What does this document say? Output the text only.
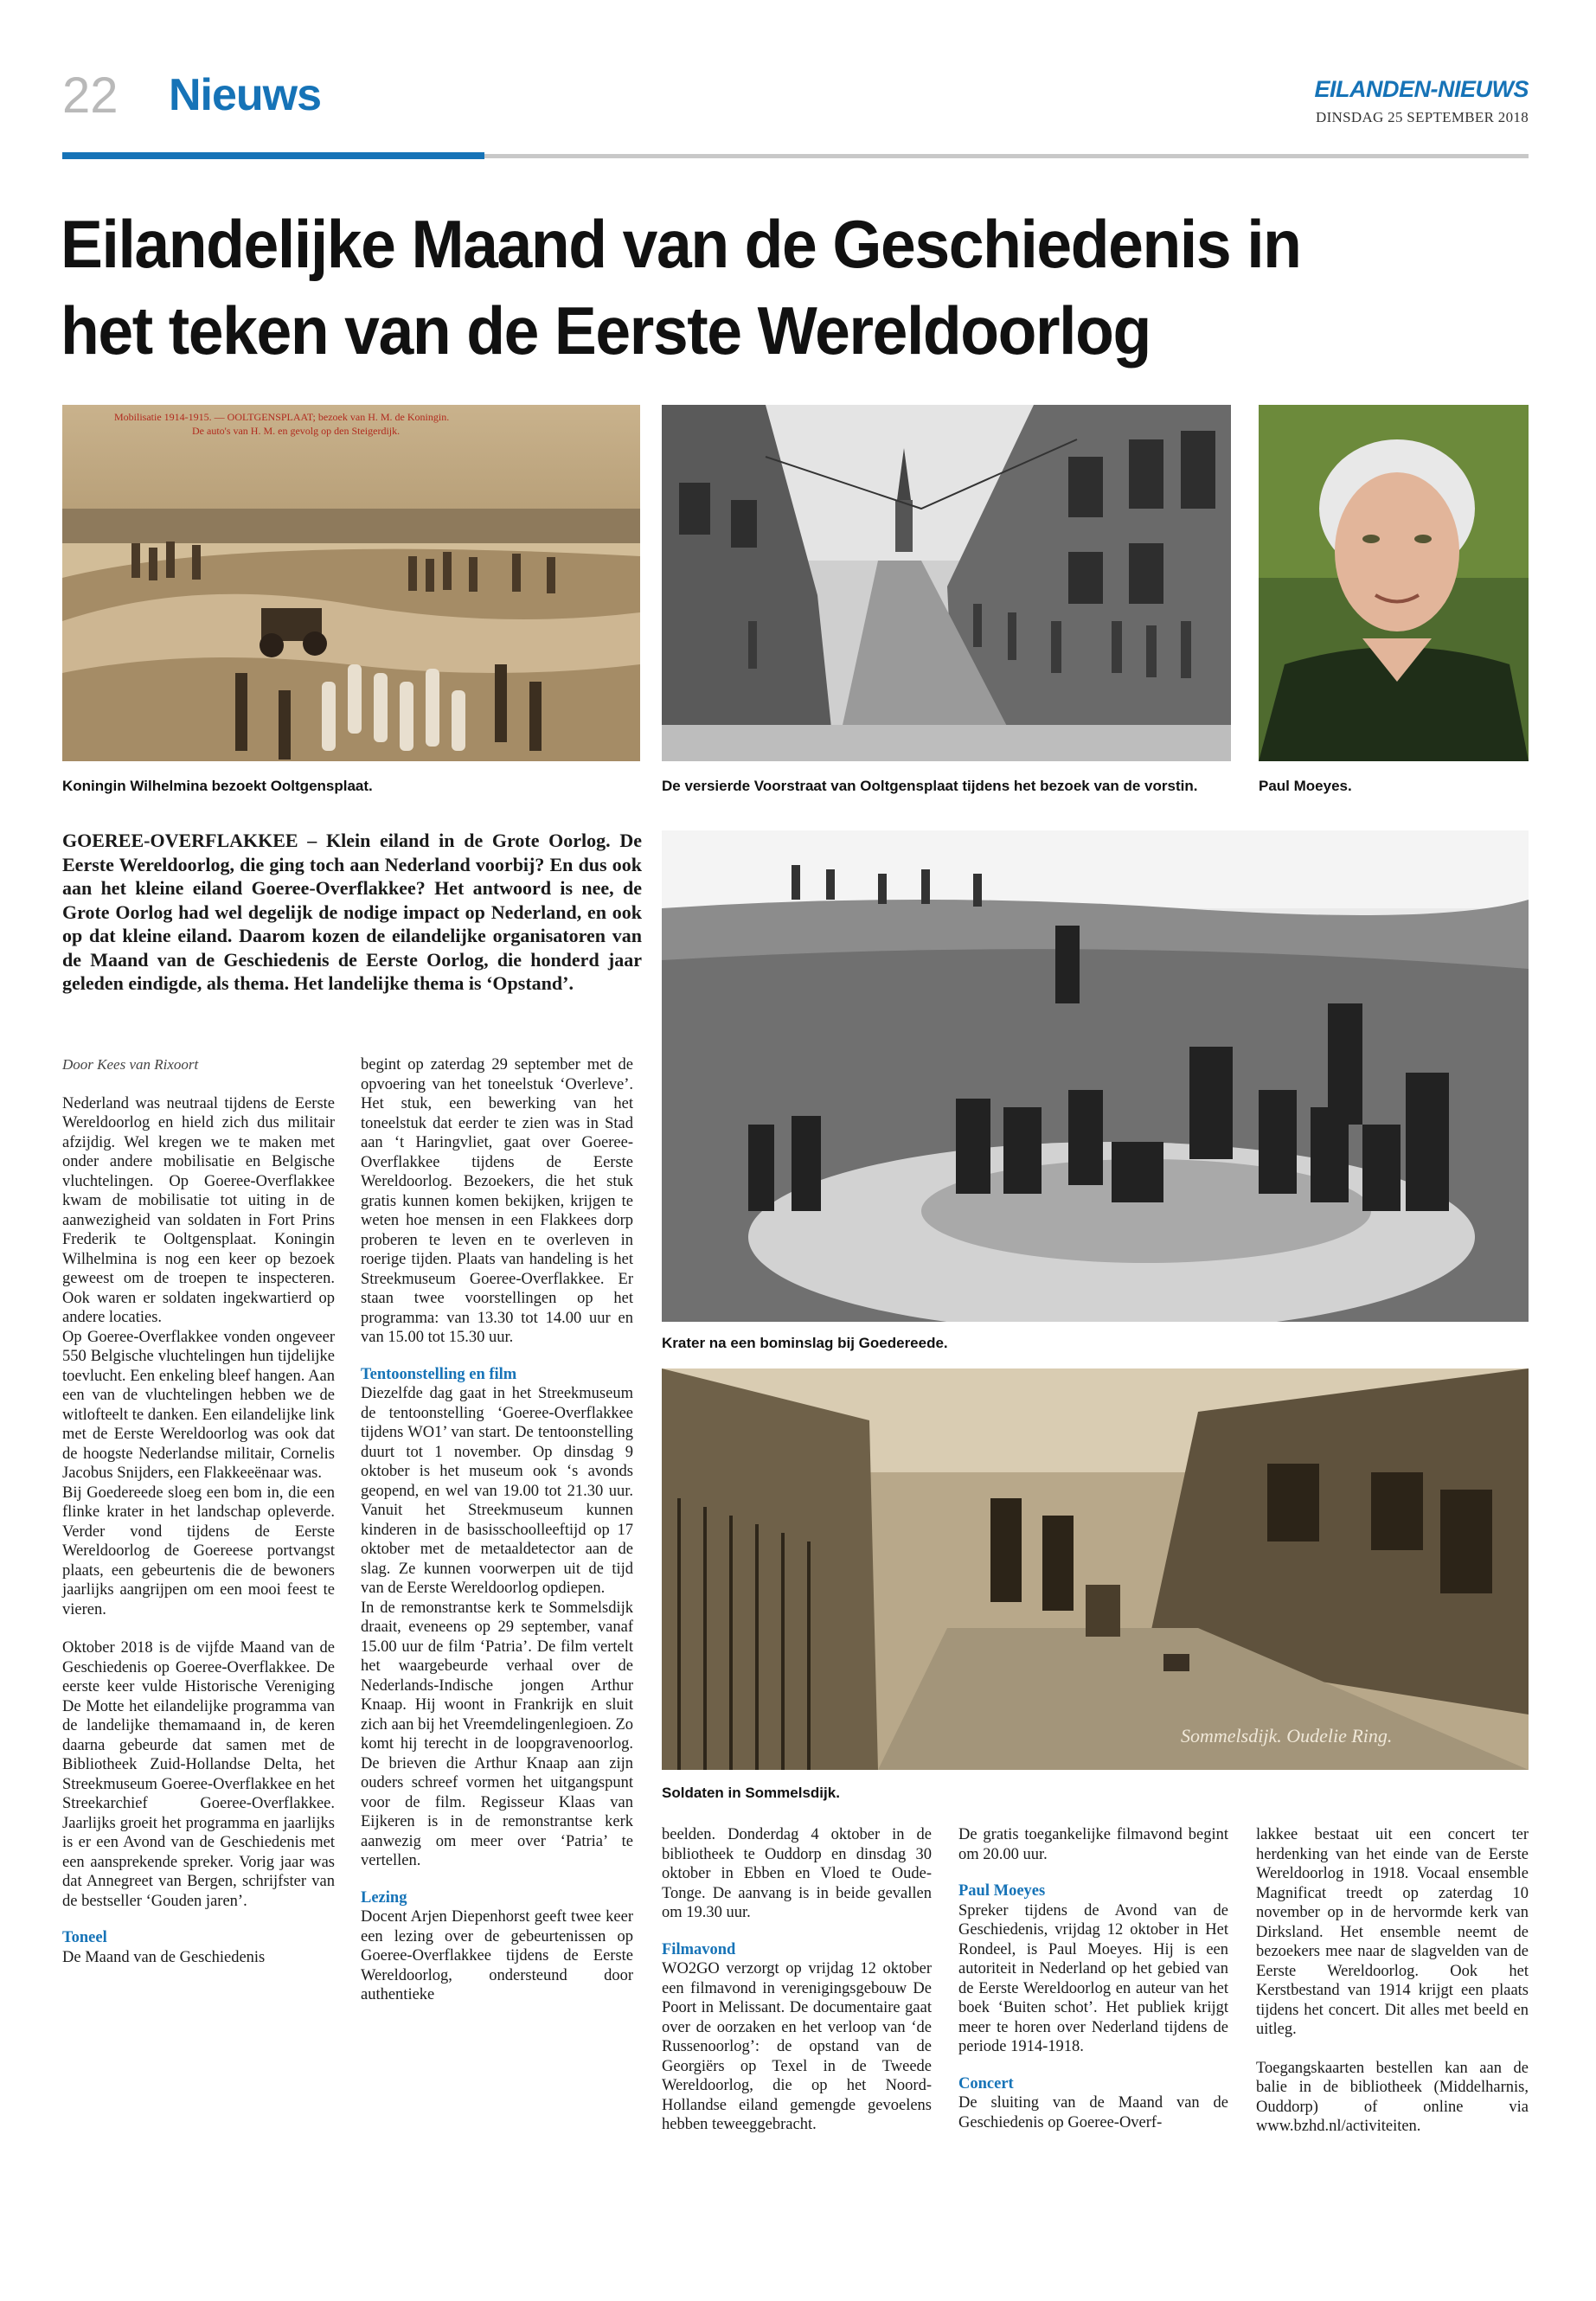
22 Nieuws	EILANDEN-NIEUWS
DINSDAG 25 SEPTEMBER 2018
Eilandelijke Maand van de Geschiedenis in
het teken van de Eerste Wereldoorlog
Mobilisatie 1914-1915. — OOLTGENSPLAAT; bezoek van H. M. de Koningin.
De auto's van H. M. en gevolg op den Steigerdijk.
Koningin Wilhelmina bezoekt Ooltgensplaat.	De versierde Voorstraat van Ooltgensplaat tijdens het bezoek van de vorstin.	Paul Moeyes.
GOEREE-OVERFLAKKEE – Klein eiland in de Grote Oorlog. De Eerste Wereldoorlog, die ging toch aan Nederland voorbij? En dus ook aan het kleine eiland Goeree-Overflakkee? Het antwoord is nee, de Grote Oorlog had wel degelijk de nodige impact op Nederland, en ook op dat kleine eiland. Daarom kozen de eilandelijke organisatoren van de Maand van de Geschiedenis de Eerste Oorlog, die honderd jaar geleden eindigde, als thema. Het landelijke thema is ‘Opstand’.
Krater na een bominslag bij Goedereede.
Sommelsdijk. Oudelie Ring.
Soldaten in Sommelsdijk.

Door Kees van Rixoort

Nederland was neutraal tijdens de Eerste Wereldoorlog en hield zich dus militair afzijdig. Wel kregen we te maken met onder andere mobilisatie en Belgische vluchtelingen. Op Goeree-Overflakkee kwam de mobilisatie tot uiting in de aanwezigheid van soldaten in Fort Prins Frederik te Ooltgensplaat. Koningin Wilhelmina is nog een keer op bezoek geweest om de troepen te inspecteren. Ook waren er soldaten ingekwartierd op andere locaties.

Op Goeree-Overflakkee vonden ongeveer 550 Belgische vluchtelingen hun tijdelijke toevlucht. Een enkeling bleef hangen. Aan een van de vluchtelingen hebben we de witlofteelt te danken. Een eilandelijke link met de Eerste Wereldoorlog was ook dat de hoogste Nederlandse militair, Cornelis Jacobus Snijders, een Flakkeeënaar was.

Bij Goedereede sloeg een bom in, die een flinke krater in het landschap opleverde. Verder vond tijdens de Eerste Wereldoorlog de Goereese portvangst plaats, een gebeurtenis die de bewoners jaarlijks aangrijpen om een mooi feest te vieren.

Oktober 2018 is de vijfde Maand van de Geschiedenis op Goeree-Overflakkee. De eerste keer vulde Historische Vereniging De Motte het eilandelijke programma van de landelijke themamaand in, de keren daarna gebeurde dat samen met de Bibliotheek Zuid-Hollandse Delta, het Streekmuseum Goeree-Overflakkee en het Streekarchief Goeree-Overflakkee. Jaarlijks groeit het programma en jaarlijks is er een Avond van de Geschiedenis met een aansprekende spreker. Vorig jaar was dat Annegreet van Bergen, schrijfster van de bestseller ‘Gouden jaren’.

Toneel

De Maand van de Geschiedenis

begint op zaterdag 29 september met de opvoering van het toneelstuk ‘Overleve’. Het stuk, een bewerking van het toneelstuk dat eerder te zien was in Stad aan ‘t Haringvliet, gaat over Goeree-Overflakkee tijdens de Eerste Wereldoorlog. Bezoekers, die het stuk gratis kunnen komen bekijken, krijgen te weten hoe mensen in een Flakkees dorp proberen te leven en te overleven in roerige tijden. Plaats van handeling is het Streekmuseum Goeree-Overflakkee. Er staan twee voorstellingen op het programma: van 13.30 tot 14.00 uur en van 15.00 tot 15.30 uur.

Tentoonstelling en film

Diezelfde dag gaat in het Streekmuseum de tentoonstelling ‘Goeree-Overflakkee tijdens WO1’ van start. De tentoonstelling duurt tot 1 november. Op dinsdag 9 oktober is het museum ook ‘s avonds geopend, en wel van 19.00 tot 21.30 uur. Vanuit het Streekmuseum kunnen kinderen in de basisschoolleeftijd op 17 oktober met de metaaldetector aan de slag. Ze kunnen voorwerpen uit de tijd van de Eerste Wereldoorlog opdiepen.

In de remonstrantse kerk te Sommelsdijk draait, eveneens op 29 september, vanaf 15.00 uur de film ‘Patria’. De film vertelt het waargebeurde verhaal over de Nederlands-Indische jongen Arthur Knaap. Hij woont in Frankrijk en sluit zich aan bij het Vreemdelingenlegioen. Zo komt hij terecht in de loopgravenoorlog. De brieven die Arthur Knaap aan zijn ouders schreef vormen het uitgangspunt voor de film. Regisseur Klaas van Eijkeren is in de remonstrantse kerk aanwezig om meer over ‘Patria’ te vertellen.

Lezing

Docent Arjen Diepenhorst geeft twee keer een lezing over de gebeurtenissen op Goeree-Overflakkee tijdens de Eerste Wereldoorlog, ondersteund door authentieke

beelden. Donderdag 4 oktober in de bibliotheek te Ouddorp en dinsdag 30 oktober in Ebben en Vloed te Oude-Tonge. De aanvang is in beide gevallen om 19.30 uur.

Filmavond

WO2GO verzorgt op vrijdag 12 oktober een filmavond in verenigingsgebouw De Poort in Melissant. De documentaire gaat over de oorzaken en het verloop van ‘de Russenoorlog’: de opstand van de Georgiërs op Texel in de Tweede Wereldoorlog, die op het Noord-Hollandse eiland gemengde gevoelens hebben teweeggebracht.

De gratis toegankelijke filmavond begint om 20.00 uur.

Paul Moeyes

Spreker tijdens de Avond van de Geschiedenis, vrijdag 12 oktober in Het Rondeel, is Paul Moeyes. Hij is een autoriteit in Nederland op het gebied van de Eerste Wereldoorlog en auteur van het boek ‘Buiten schot’. Het publiek krijgt meer te horen over Nederland tijdens de periode 1914-1918.

Concert

De sluiting van de Maand van de Geschiedenis op Goeree-Overf-

lakkee bestaat uit een concert ter herdenking van het einde van de Eerste Wereldoorlog in 1918. Vocaal ensemble Magnificat treedt op zaterdag 10 november op in de hervormde kerk van Dirksland. Het ensemble neemt de bezoekers mee naar de slagvelden van de Eerste Wereldoorlog. Ook het Kerstbestand van 1914 krijgt een plaats tijdens het concert. Dit alles met beeld en uitleg.

Toegangskaarten bestellen kan aan de balie in de bibliotheek (Middelharnis, Ouddorp) of online via www.bzhd.nl/activiteiten.
